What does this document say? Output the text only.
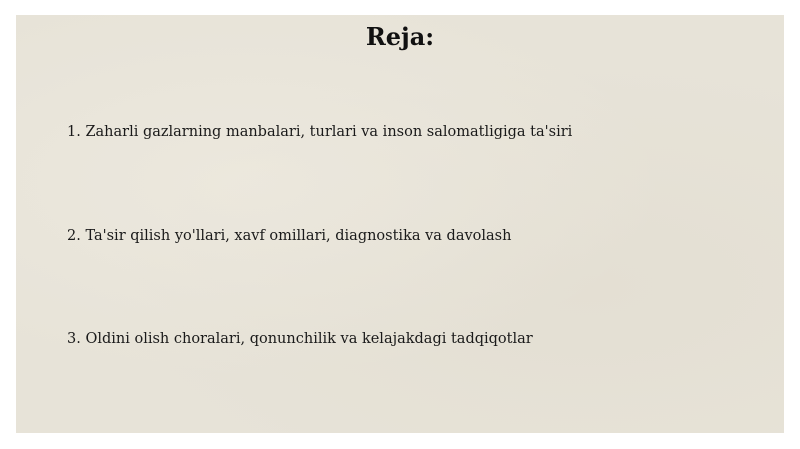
Reja:
1. Zaharli gazlarning manbalari, turlari va inson salomatligiga ta'siri
2. Ta'sir qilish yo'llari, xavf omillari, diagnostika va davolash
3. Oldini olish choralari, qonunchilik va kelajakdagi tadqiqotlar
